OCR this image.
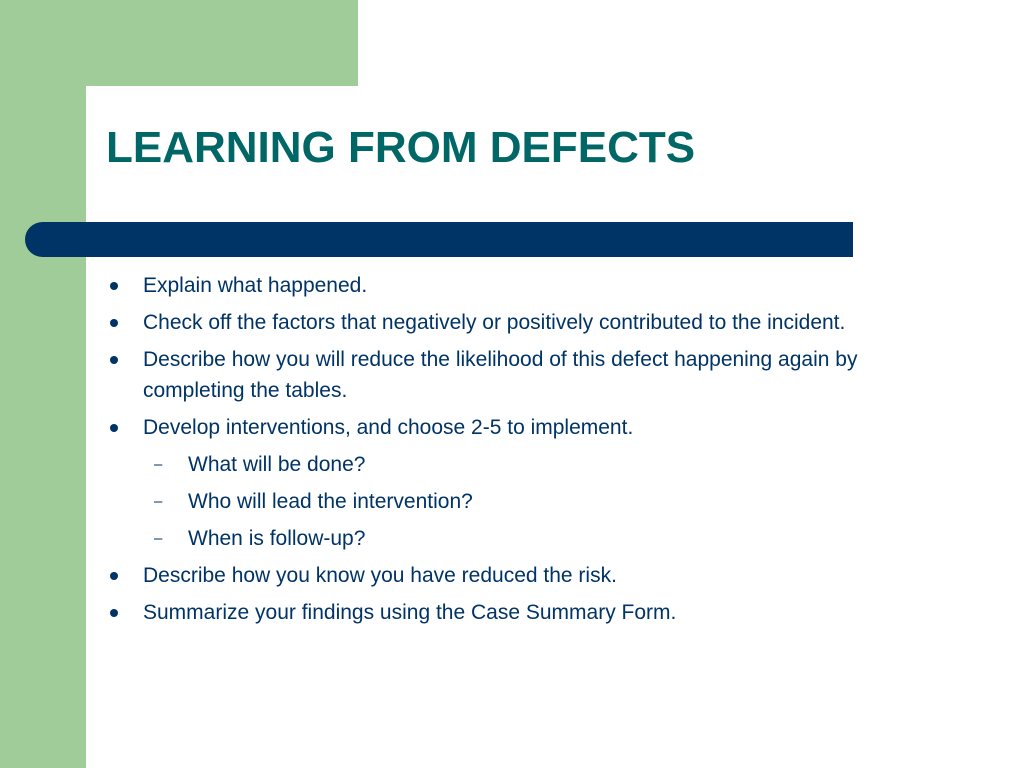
LEARNING FROM DEFECTS
Explain what happened.
Check off the factors that negatively or positively contributed to the incident.
Describe how you will reduce the likelihood of this defect happening again by completing the tables.
Develop interventions, and choose 2-5 to implement.
– What will be done?
– Who will lead the intervention?
– When is follow-up?
Describe how you know you have reduced the risk.
Summarize your findings using the Case Summary Form.
